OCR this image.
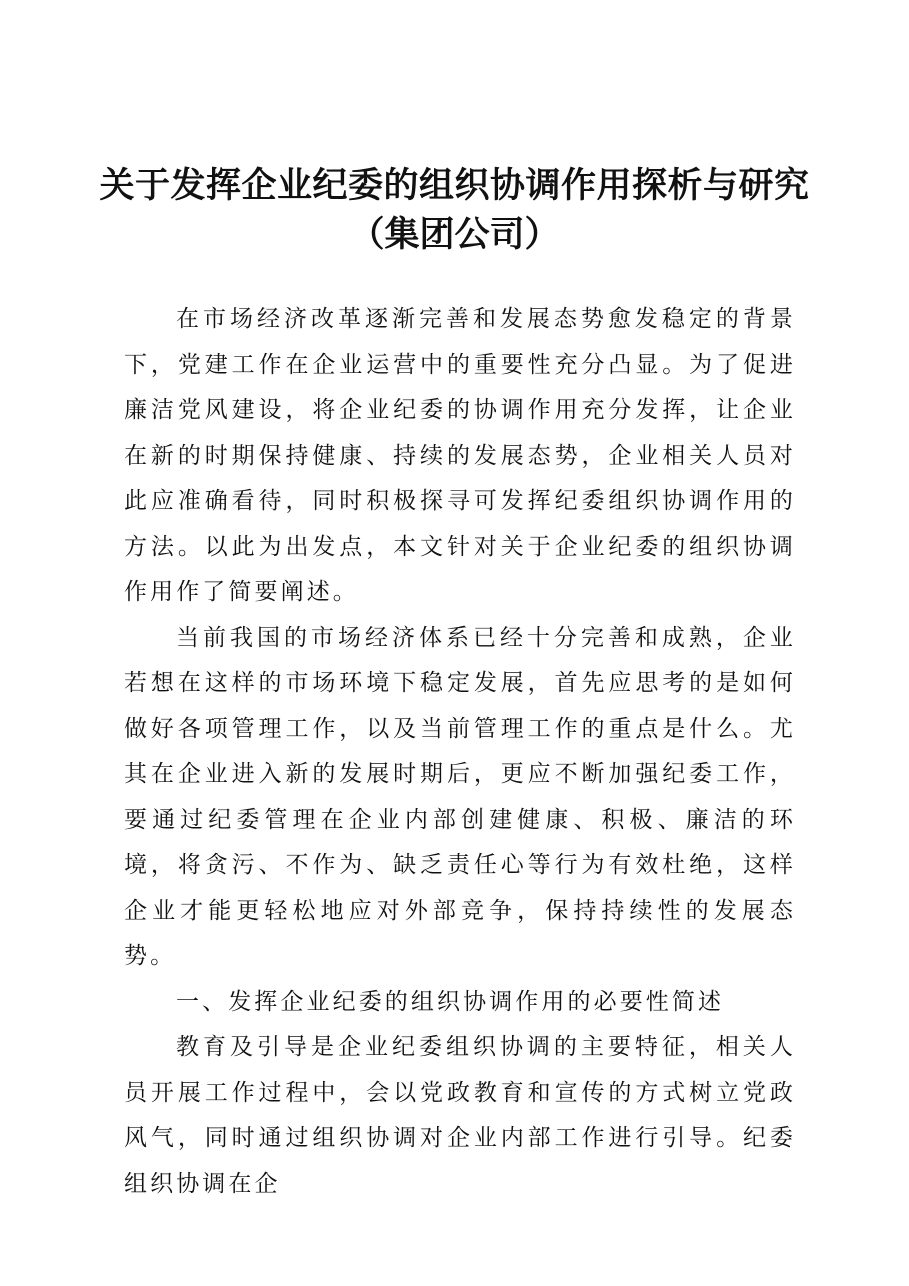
关于发挥企业纪委的组织协调作用探析与研究
（集团公司）

在市场经济改革逐渐完善和发展态势愈发稳定的背景下，党建工作在企业运营中的重要性充分凸显。为了促进廉洁党风建设，将企业纪委的协调作用充分发挥，让企业在新的时期保持健康、持续的发展态势，企业相关人员对此应准确看待，同时积极探寻可发挥纪委组织协调作用的方法。以此为出发点，本文针对关于企业纪委的组织协调作用作了简要阐述。

当前我国的市场经济体系已经十分完善和成熟，企业若想在这样的市场环境下稳定发展，首先应思考的是如何做好各项管理工作，以及当前管理工作的重点是什么。尤其在企业进入新的发展时期后，更应不断加强纪委工作，要通过纪委管理在企业内部创建健康、积极、廉洁的环境，将贪污、不作为、缺乏责任心等行为有效杜绝，这样企业才能更轻松地应对外部竞争，保持持续性的发展态势。

一、发挥企业纪委的组织协调作用的必要性简述

教育及引导是企业纪委组织协调的主要特征，相关人员开展工作过程中，会以党政教育和宣传的方式树立党政风气，同时通过组织协调对企业内部工作进行引导。纪委组织协调在企
